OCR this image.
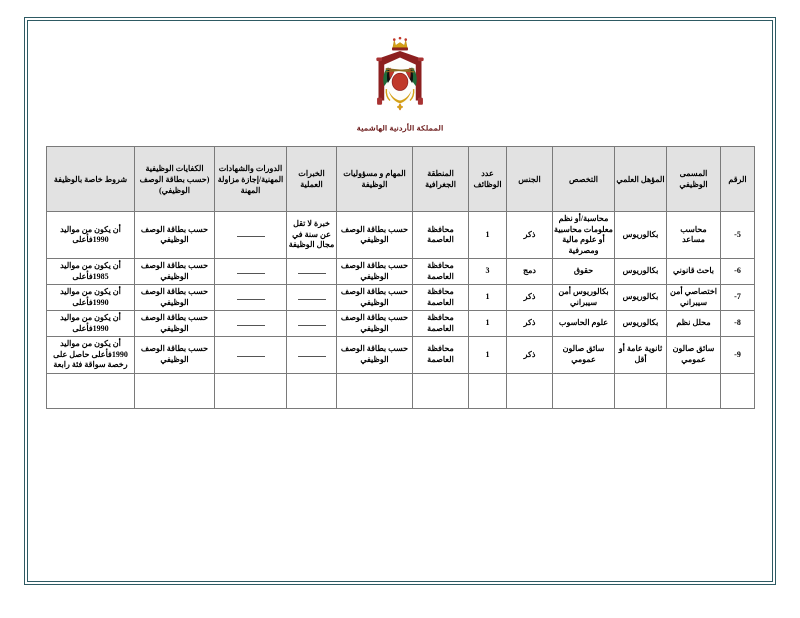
المملكة الأردنية الهاشمية
الرقم	المسمى الوظيفي	المؤهل العلمي	التخصص	الجنس	عدد الوظائف	المنطقة الجغرافية	المهام و مسؤوليات الوظيفة	الخبرات العملية	الدورات والشهادات المهنية/إجازة مزاولة المهنة	الكفايات الوظيفية (حسب بطاقة الوصف الوظيفي)	شروط خاصة بالوظيفة
5-	محاسب مساعد	بكالوريوس	محاسبة/أو نظم معلومات محاسبية أو علوم مالية ومصرفية	ذكر	1	محافظة العاصمة	حسب بطاقة الوصف الوظيفي	خبرة لا تقل عن سنة في مجال الوظيفة		حسب بطاقة الوصف الوظيفي	أن يكون من مواليد 1990فأعلى
6-	باحث قانوني	بكالوريوس	حقوق	دمج	3	محافظة العاصمة	حسب بطاقة الوصف الوظيفي			حسب بطاقة الوصف الوظيفي	أن يكون من مواليد 1985فأعلى
7-	اختصاصي أمن سيبراني	بكالوريوس	بكالوريوس أمن سيبراني	ذكر	1	محافظة العاصمة	حسب بطاقة الوصف الوظيفي			حسب بطاقة الوصف الوظيفي	أن يكون من مواليد 1990فأعلى
8-	محلل نظم	بكالوريوس	علوم الحاسوب	ذكر	1	محافظة العاصمة	حسب بطاقة الوصف الوظيفي			حسب بطاقة الوصف الوظيفي	أن يكون من مواليد 1990فأعلى
9-	سائق صالون عمومي	ثانوية عامة أو أقل	سائق صالون عمومي	ذكر	1	محافظة العاصمة	حسب بطاقة الوصف الوظيفي			حسب بطاقة الوصف الوظيفي	أن يكون من مواليد 1990فأعلى حاصل على رخصة سواقة فئة رابعة
